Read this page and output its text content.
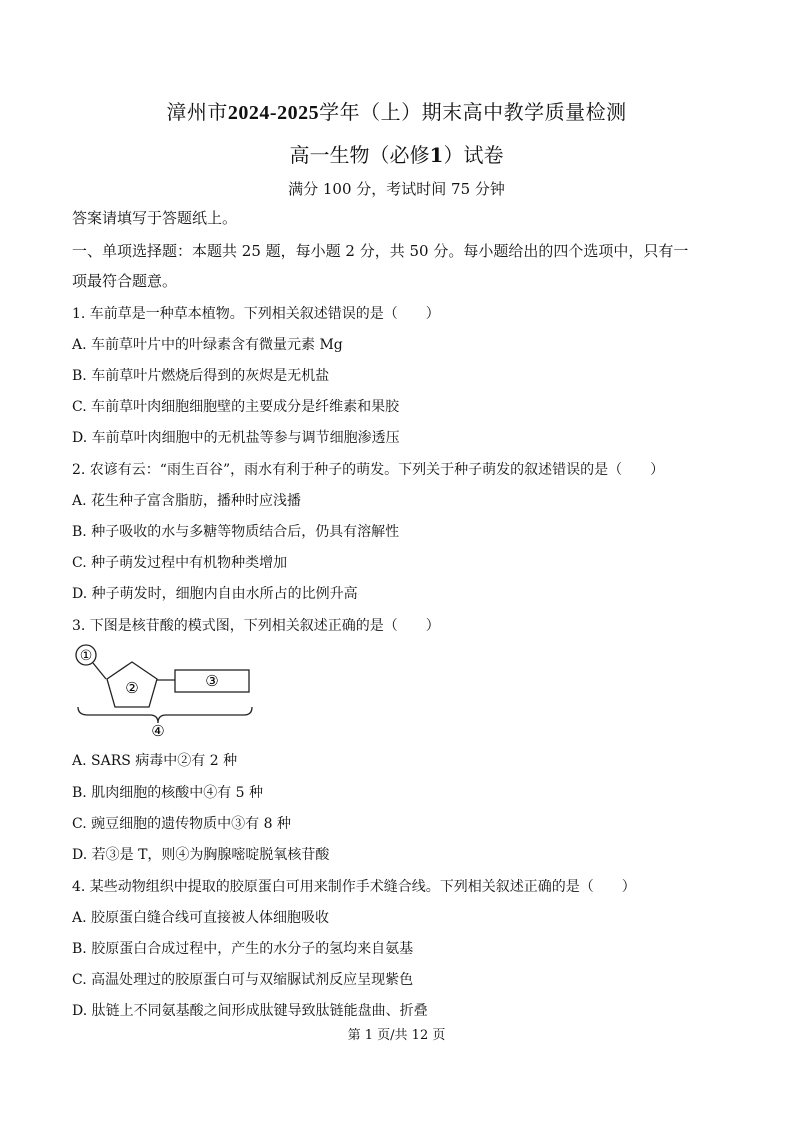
漳州市2024-2025学年（上）期末高中教学质量检测
高一生物（必修1）试卷
满分 100 分，考试时间 75 分钟
答案请填写于答题纸上。
一、单项选择题：本题共 25 题，每小题 2 分，共 50 分。每小题给出的四个选项中，只有一
项最符合题意。
1. 车前草是一种草本植物。下列相关叙述错误的是（　　）
A. 车前草叶片中的叶绿素含有微量元素 Mg
B. 车前草叶片燃烧后得到的灰烬是无机盐
C. 车前草叶肉细胞细胞壁的主要成分是纤维素和果胶
D. 车前草叶肉细胞中的无机盐等参与调节细胞渗透压
2. 农谚有云：“雨生百谷”，雨水有利于种子的萌发。下列关于种子萌发的叙述错误的是（　　）
A. 花生种子富含脂肪，播种时应浅播
B. 种子吸收的水与多糖等物质结合后，仍具有溶解性
C. 种子萌发过程中有机物种类增加
D. 种子萌发时，细胞内自由水所占的比例升高
3. 下图是核苷酸的模式图，下列相关叙述正确的是（　　）
①
②	③
④
A. SARS 病毒中②有 2 种
B. 肌肉细胞的核酸中④有 5 种
C. 豌豆细胞的遗传物质中③有 8 种
D. 若③是 T，则④为胸腺嘧啶脱氧核苷酸
4. 某些动物组织中提取的胶原蛋白可用来制作手术缝合线。下列相关叙述正确的是（　　）
A. 胶原蛋白缝合线可直接被人体细胞吸收
B. 胶原蛋白合成过程中，产生的水分子的氢均来自氨基
C. 高温处理过的胶原蛋白可与双缩脲试剂反应呈现紫色
D. 肽链上不同氨基酸之间形成肽键导致肽链能盘曲、折叠
第 1 页/共 12 页
